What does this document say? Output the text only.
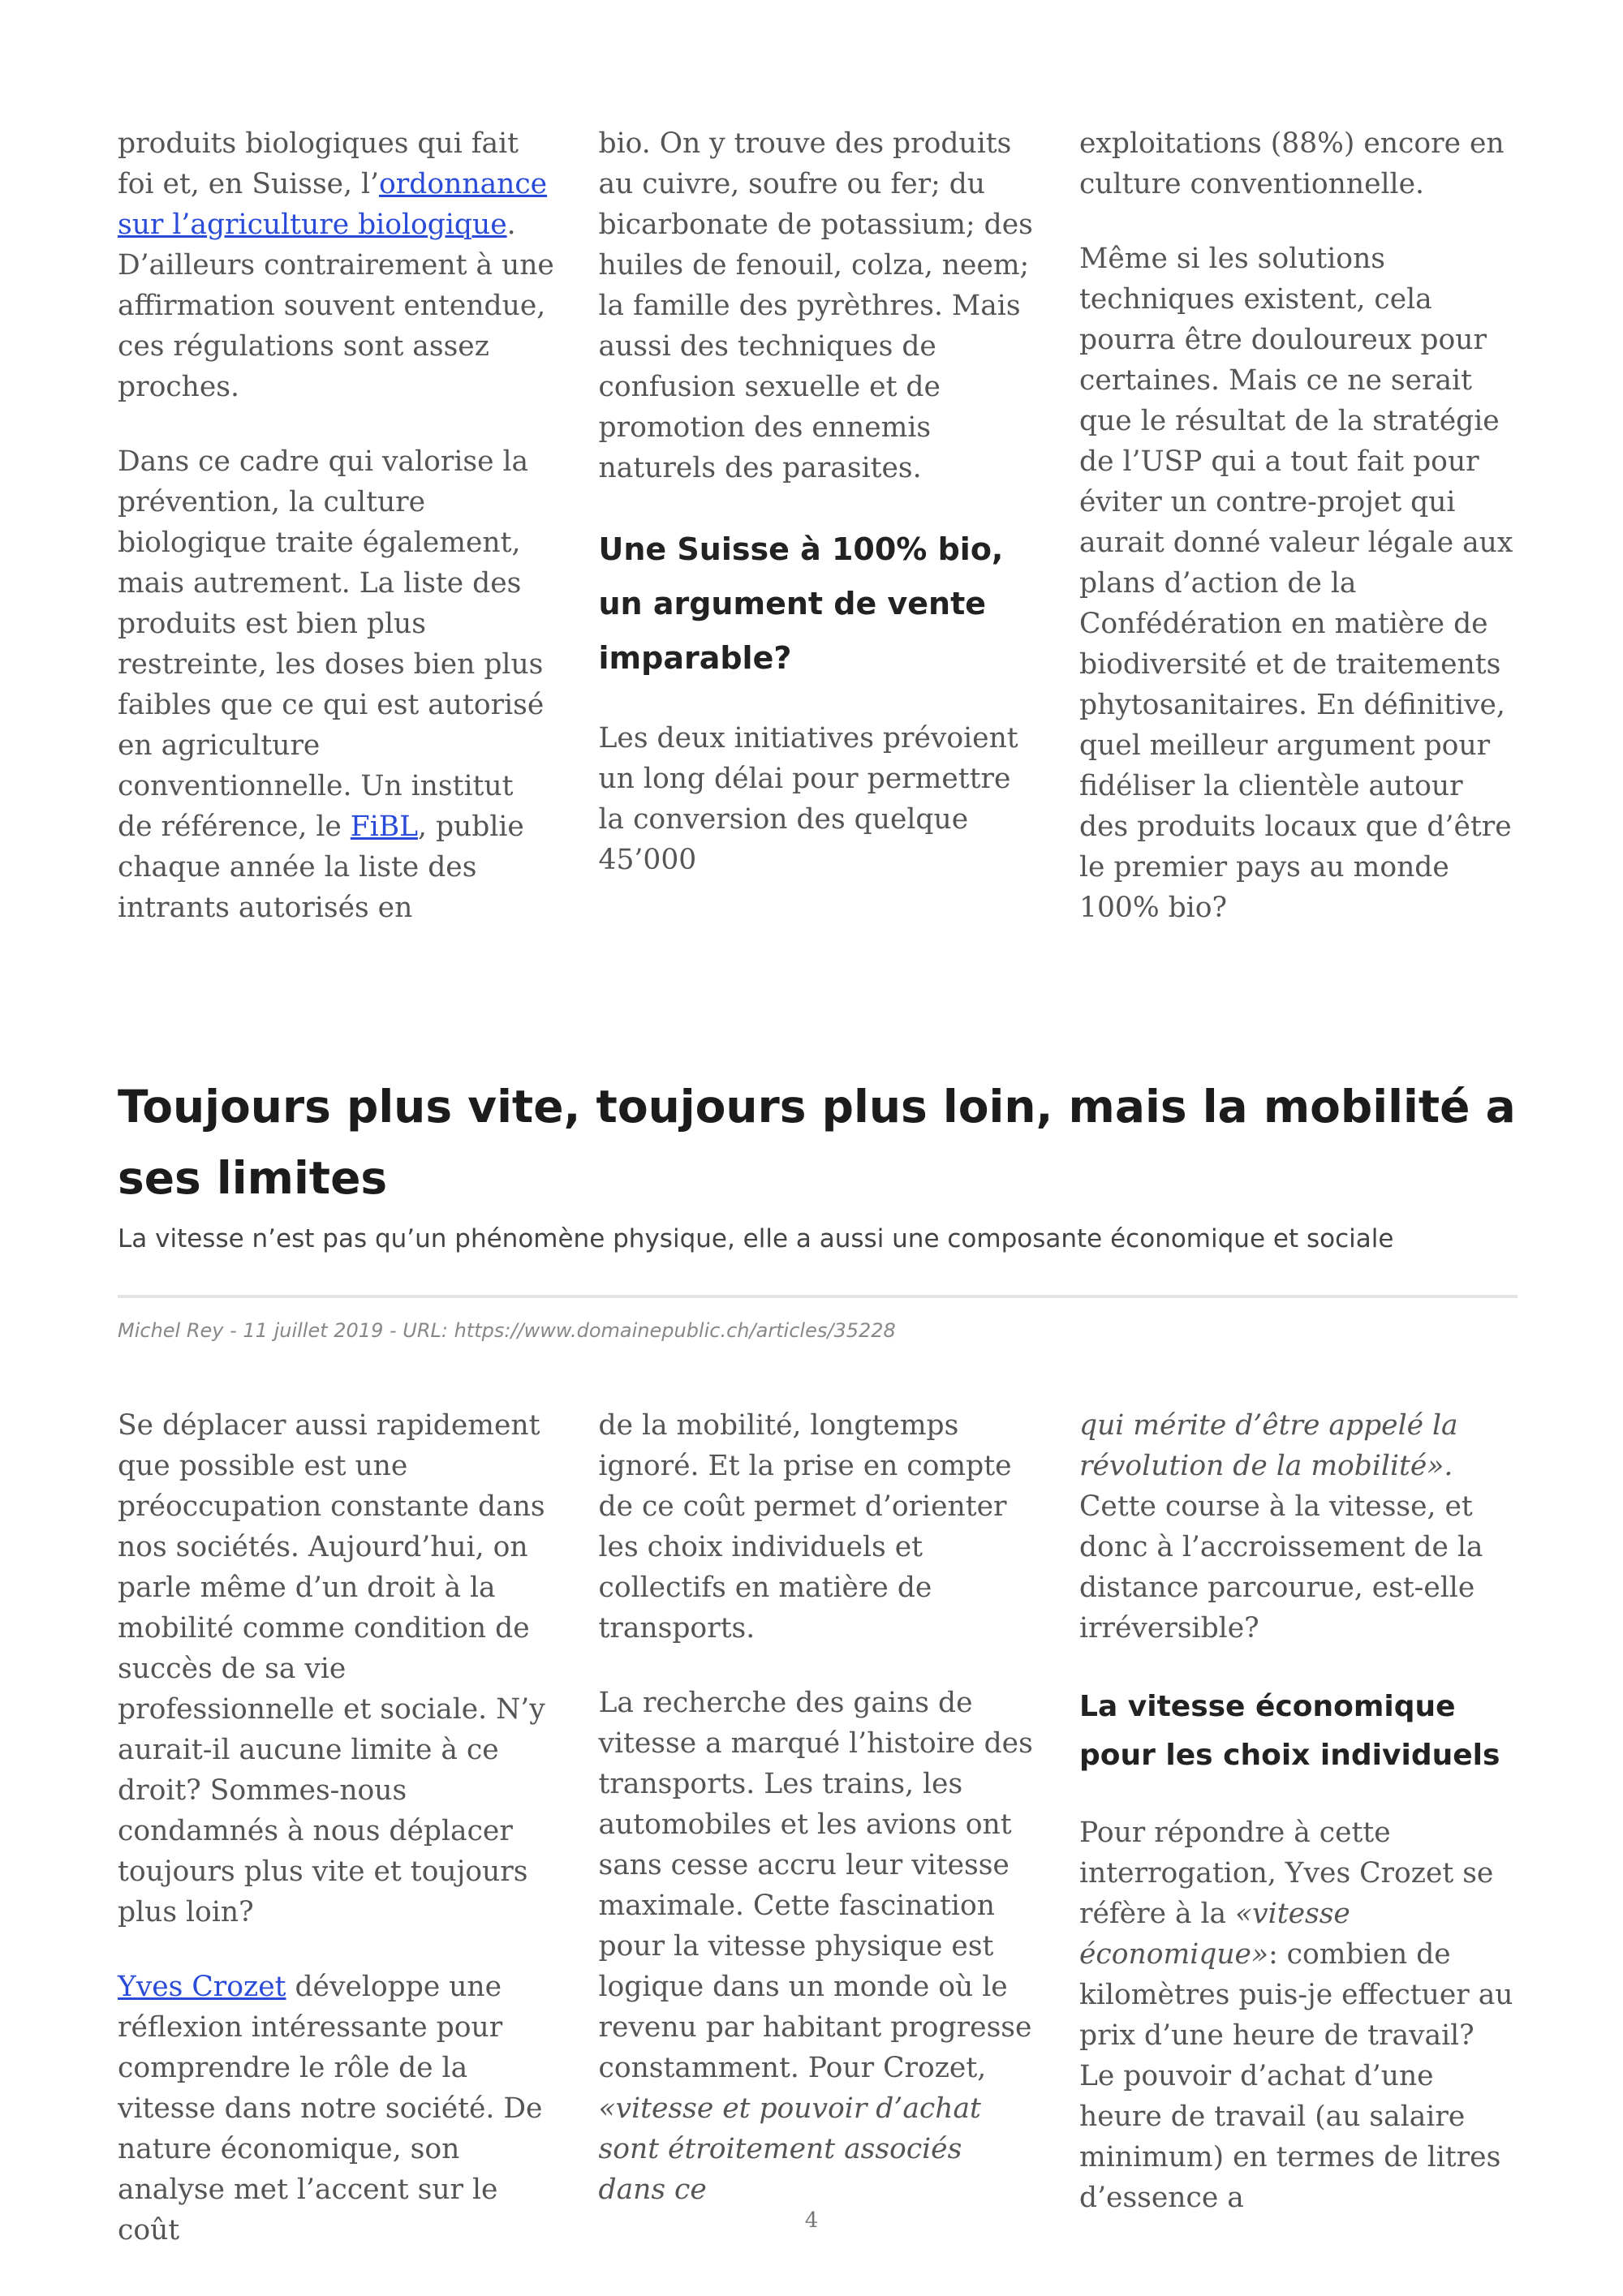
produits biologiques qui fait foi et, en Suisse, l’ordonnance sur l’agriculture biologique. D’ailleurs contrairement à une affirmation souvent entendue, ces régulations sont assez proches.

Dans ce cadre qui valorise la prévention, la culture biologique traite également, mais autrement. La liste des produits est bien plus restreinte, les doses bien plus faibles que ce qui est autorisé en agriculture conventionnelle. Un institut de référence, le FiBL, publie chaque année la liste des intrants autorisés en

bio. On y trouve des produits au cuivre, soufre ou fer; du bicarbonate de potassium; des huiles de fenouil, colza, neem; la famille des pyrèthres. Mais aussi des techniques de confusion sexuelle et de promotion des ennemis naturels des parasites.

Une Suisse à 100% bio, un argument de vente imparable?

Les deux initiatives prévoient un long délai pour permettre la conversion des quelque 45’000

exploitations (88%) encore en culture conventionnelle.

Même si les solutions techniques existent, cela pourra être douloureux pour certaines. Mais ce ne serait que le résultat de la stratégie de l’USP qui a tout fait pour éviter un contre-projet qui aurait donné valeur légale aux plans d’action de la Confédération en matière de biodiversité et de traitements phytosanitaires. En définitive, quel meilleur argument pour fidéliser la clientèle autour des produits locaux que d’être le premier pays au monde 100% bio?

Toujours plus vite, toujours plus loin, mais la mobilité a ses limites

La vitesse n’est pas qu’un phénomène physique, elle a aussi une composante économique et sociale

Michel Rey - 11 juillet 2019 - URL: https://www.domainepublic.ch/articles/35228

Se déplacer aussi rapidement que possible est une préoccupation constante dans nos sociétés. Aujourd’hui, on parle même d’un droit à la mobilité comme condition de succès de sa vie professionnelle et sociale. N’y aurait-il aucune limite à ce droit? Sommes-nous condamnés à nous déplacer toujours plus vite et toujours plus loin?

Yves Crozet développe une réflexion intéressante pour comprendre le rôle de la vitesse dans notre société. De nature économique, son analyse met l’accent sur le coût

de la mobilité, longtemps ignoré. Et la prise en compte de ce coût permet d’orienter les choix individuels et collectifs en matière de transports.

La recherche des gains de vitesse a marqué l’histoire des transports. Les trains, les automobiles et les avions ont sans cesse accru leur vitesse maximale. Cette fascination pour la vitesse physique est logique dans un monde où le revenu par habitant progresse constamment. Pour Crozet, «vitesse et pouvoir d’achat sont étroitement associés dans ce

qui mérite d’être appelé la révolution de la mobilité». Cette course à la vitesse, et donc à l’accroissement de la distance parcourue, est-elle irréversible?

La vitesse économique pour les choix individuels

Pour répondre à cette interrogation, Yves Crozet se réfère à la «vitesse économique»: combien de kilomètres puis-je effectuer au prix d’une heure de travail? Le pouvoir d’achat d’une heure de travail (au salaire minimum) en termes de litres d’essence a

4
